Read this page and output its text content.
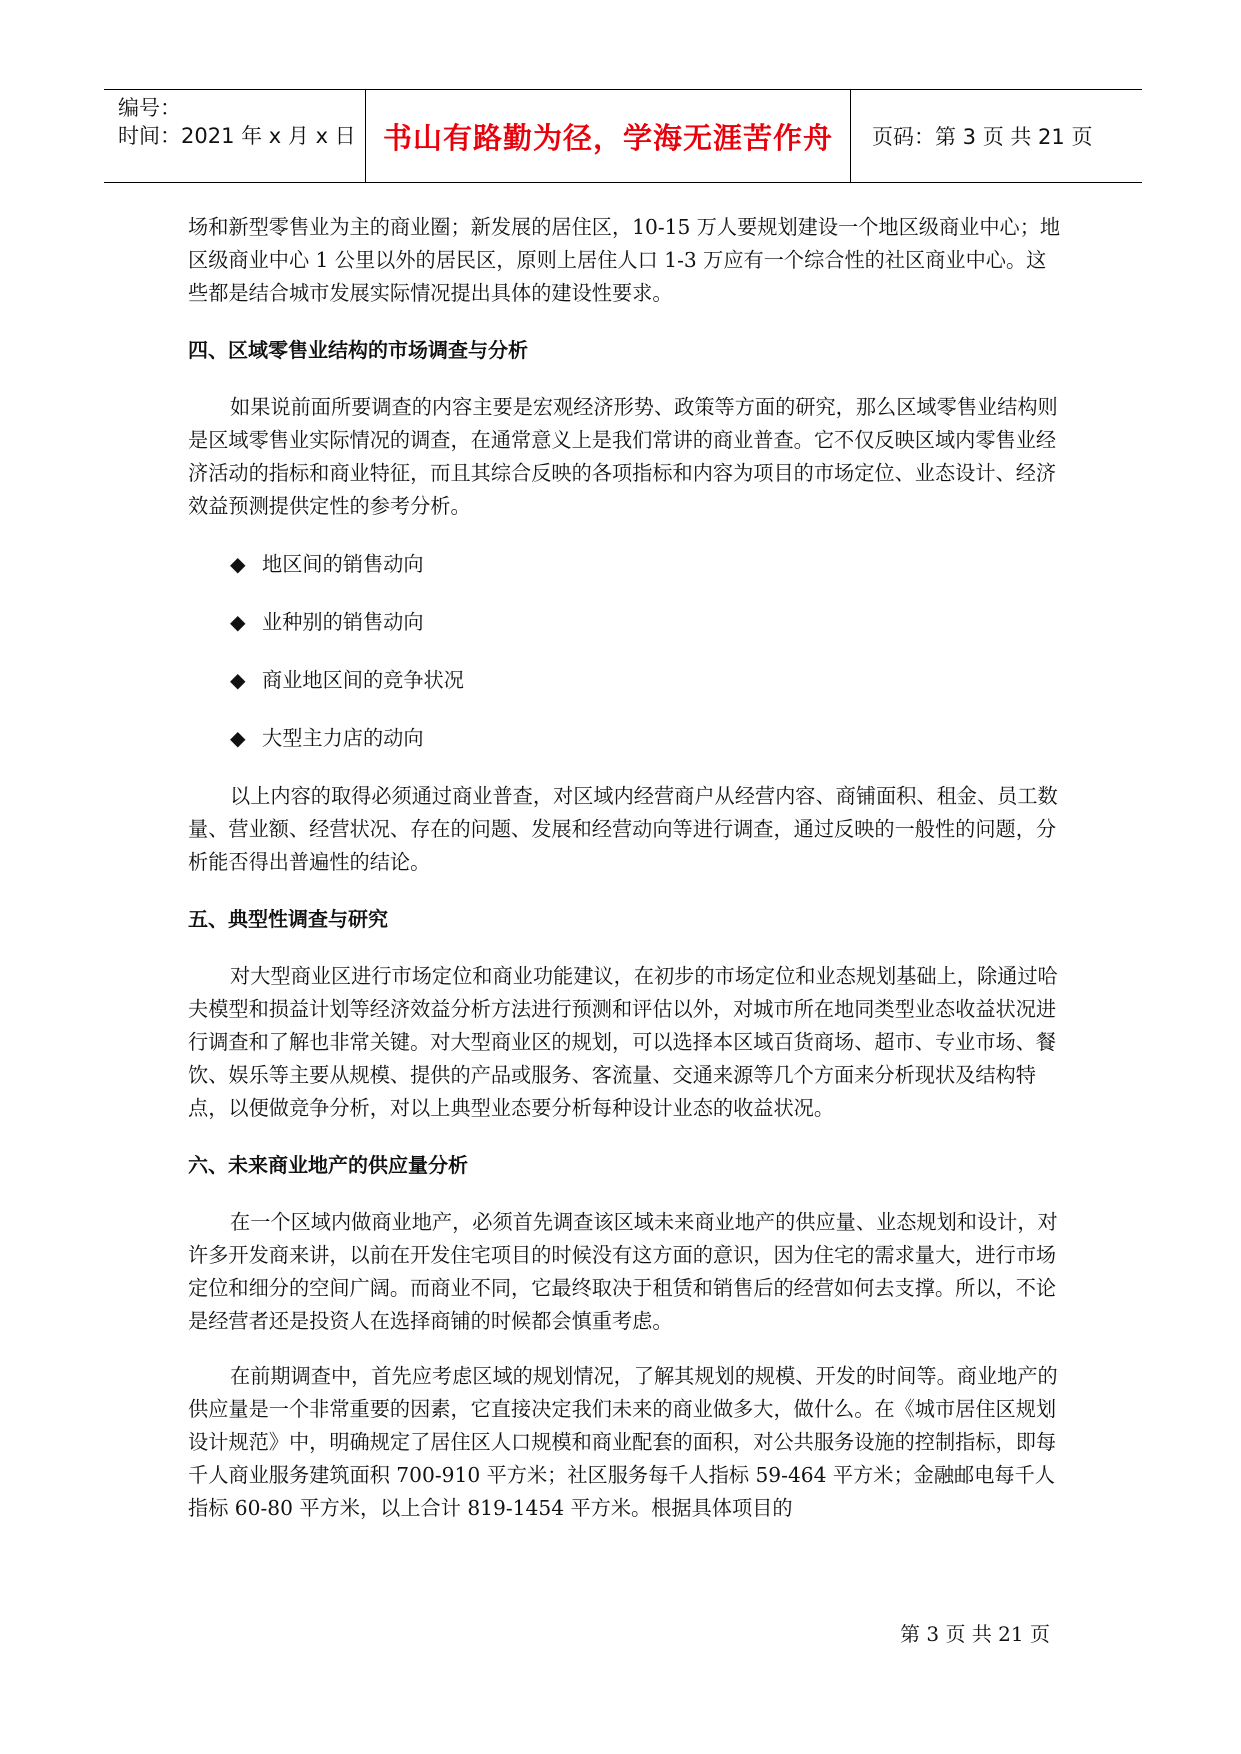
编号：
时间：2021 年 x 月 x 日 书山有路勤为径，学海无涯苦作舟	页码：第 3 页 共 21 页

场和新型零售业为主的商业圈；新发展的居住区，10-15 万人要规划建设一个地区级商业中心；地区级商业中心 1 公里以外的居民区，原则上居住人口 1-3 万应有一个综合性的社区商业中心。这些都是结合城市发展实际情况提出具体的建设性要求。

四、区域零售业结构的市场调查与分析

如果说前面所要调查的内容主要是宏观经济形势、政策等方面的研究，那么区域零售业结构则是区域零售业实际情况的调查，在通常意义上是我们常讲的商业普查。它不仅反映区域内零售业经济活动的指标和商业特征，而且其综合反映的各项指标和内容为项目的市场定位、业态设计、经济效益预测提供定性的参考分析。

◆ 地区间的销售动向

◆ 业种别的销售动向

◆ 商业地区间的竞争状况

◆ 大型主力店的动向

以上内容的取得必须通过商业普查，对区域内经营商户从经营内容、商铺面积、租金、员工数量、营业额、经营状况、存在的问题、发展和经营动向等进行调查，通过反映的一般性的问题，分析能否得出普遍性的结论。

五、典型性调查与研究

对大型商业区进行市场定位和商业功能建议，在初步的市场定位和业态规划基础上，除通过哈夫模型和损益计划等经济效益分析方法进行预测和评估以外，对城市所在地同类型业态收益状况进行调查和了解也非常关键。对大型商业区的规划，可以选择本区域百货商场、超市、专业市场、餐饮、娱乐等主要从规模、提供的产品或服务、客流量、交通来源等几个方面来分析现状及结构特点，以便做竞争分析，对以上典型业态要分析每种设计业态的收益状况。

六、未来商业地产的供应量分析

在一个区域内做商业地产，必须首先调查该区域未来商业地产的供应量、业态规划和设计，对许多开发商来讲，以前在开发住宅项目的时候没有这方面的意识，因为住宅的需求量大，进行市场定位和细分的空间广阔。而商业不同，它最终取决于租赁和销售后的经营如何去支撑。所以，不论是经营者还是投资人在选择商铺的时候都会慎重考虑。

在前期调查中，首先应考虑区域的规划情况，了解其规划的规模、开发的时间等。商业地产的供应量是一个非常重要的因素，它直接决定我们未来的商业做多大，做什么。在《城市居住区规划设计规范》中，明确规定了居住区人口规模和商业配套的面积，对公共服务设施的控制指标，即每千人商业服务建筑面积 700-910 平方米；社区服务每千人指标 59-464 平方米；金融邮电每千人指标 60-80 平方米，以上合计 819-1454 平方米。根据具体项目的

第 3 页 共 21 页
